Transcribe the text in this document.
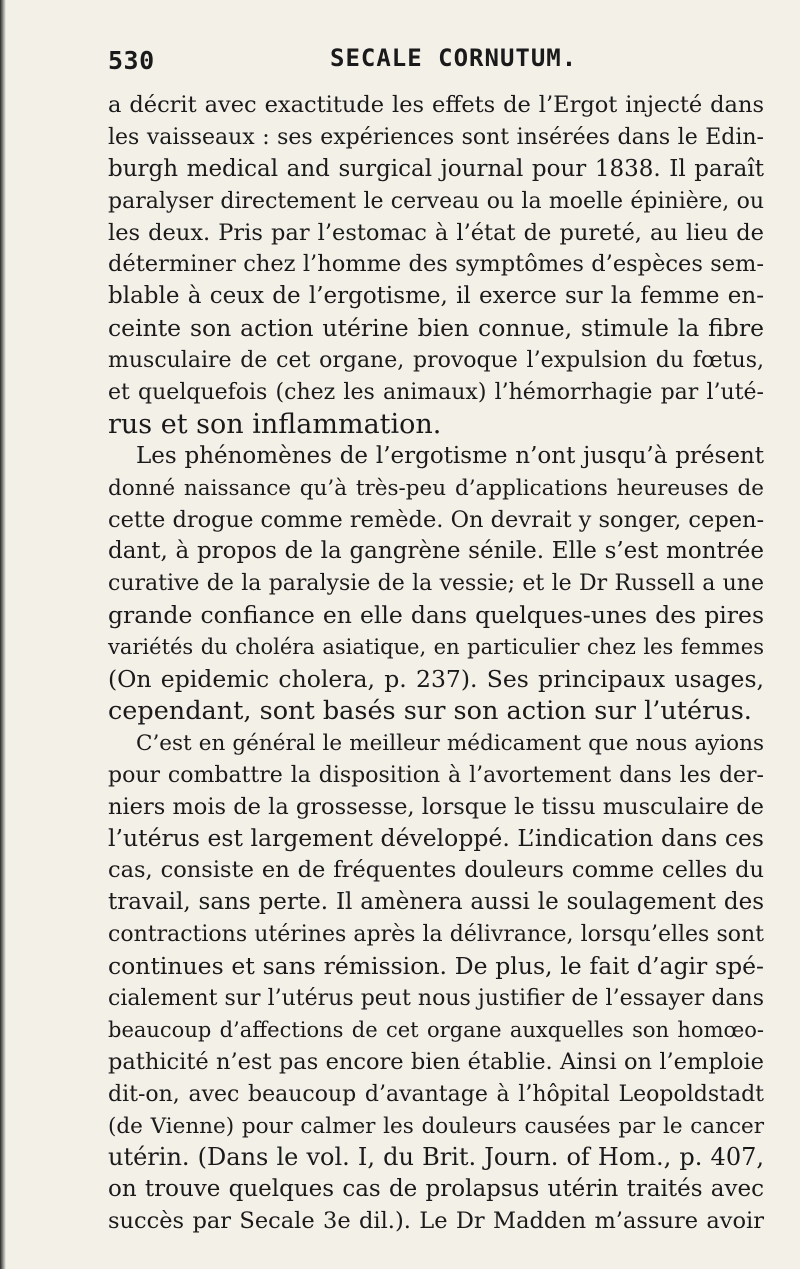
530	SECALE CORNUTUM.
a décrit avec exactitude les effets de l’Ergot injecté dans
les vaisseaux : ses expériences sont insérées dans le Edin-
burgh medical and surgical journal pour 1838. Il paraît
paralyser directement le cerveau ou la moelle épinière, ou
les deux. Pris par l’estomac à l’état de pureté, au lieu de
déterminer chez l’homme des symptômes d’espèces sem-
blable à ceux de l’ergotisme, il exerce sur la femme en-
ceinte son action utérine bien connue, stimule la fibre
musculaire de cet organe, provoque l’expulsion du fœtus,
et quelquefois (chez les animaux) l’hémorrhagie par l’uté-
rus et son inflammation.
Les phénomènes de l’ergotisme n’ont jusqu’à présent
donné naissance qu’à très-peu d’applications heureuses de
cette drogue comme remède. On devrait y songer, cepen-
dant, à propos de la gangrène sénile. Elle s’est montrée
curative de la paralysie de la vessie; et le Dr Russell a une
grande confiance en elle dans quelques-unes des pires
variétés du choléra asiatique, en particulier chez les femmes
(On epidemic cholera, p. 237). Ses principaux usages,
cependant, sont basés sur son action sur l’utérus.
C’est en général le meilleur médicament que nous ayions
pour combattre la disposition à l’avortement dans les der-
niers mois de la grossesse, lorsque le tissu musculaire de
l’utérus est largement développé. L’indication dans ces
cas, consiste en de fréquentes douleurs comme celles du
travail, sans perte. Il amènera aussi le soulagement des
contractions utérines après la délivrance, lorsqu’elles sont
continues et sans rémission. De plus, le fait d’agir spé-
cialement sur l’utérus peut nous justifier de l’essayer dans
beaucoup d’affections de cet organe auxquelles son homœo-
pathicité n’est pas encore bien établie. Ainsi on l’emploie
dit-on, avec beaucoup d’avantage à l’hôpital Leopoldstadt
(de Vienne) pour calmer les douleurs causées par le cancer
utérin. (Dans le vol. I, du Brit. Journ. of Hom., p. 407,
on trouve quelques cas de prolapsus utérin traités avec
succès par Secale 3e dil.). Le Dr Madden m’assure avoir
